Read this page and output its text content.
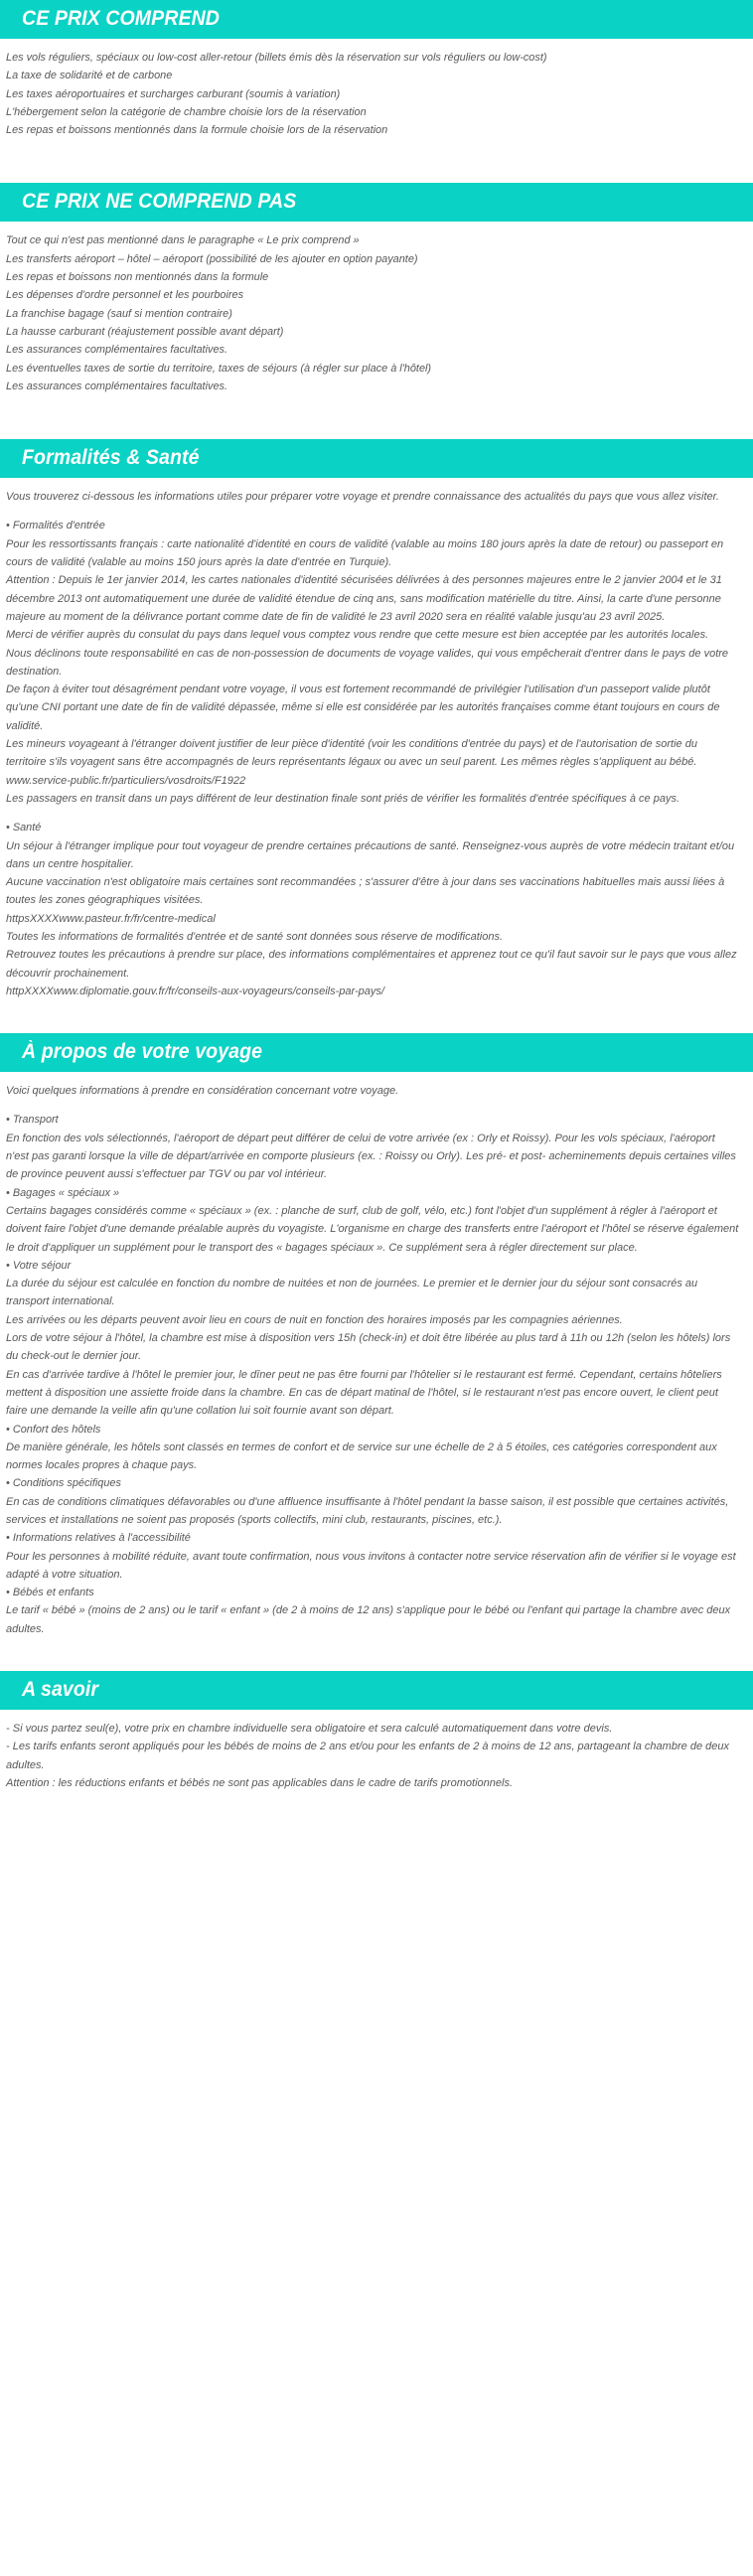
CE PRIX COMPREND
Les vols réguliers, spéciaux ou low-cost aller-retour (billets émis dès la réservation sur vols réguliers ou low-cost)
La taxe de solidarité et de carbone
Les taxes aéroportuaires et surcharges carburant (soumis à variation)
L'hébergement selon la catégorie de chambre choisie lors de la réservation
Les repas et boissons mentionnés dans la formule choisie lors de la réservation
CE PRIX NE COMPREND PAS
Tout ce qui n'est pas mentionné dans le paragraphe « Le prix comprend »
Les transferts aéroport – hôtel – aéroport (possibilité de les ajouter en option payante)
Les repas et boissons non mentionnés dans la formule
Les dépenses d'ordre personnel et les pourboires
La franchise bagage (sauf si mention contraire)
La hausse carburant (réajustement possible avant départ)
Les assurances complémentaires facultatives.
Les éventuelles taxes de sortie du territoire, taxes de séjours (à régler sur place à l'hôtel)
Les assurances complémentaires facultatives.
Formalités & Santé

Vous trouverez ci-dessous les informations utiles pour préparer votre voyage et prendre connaissance des actualités du pays que vous allez visiter.

• Formalités d'entrée

Pour les ressortissants français : carte nationalité d'identité en cours de validité (valable au moins 180 jours après la date de retour) ou passeport en cours de validité (valable au moins 150 jours après la date d'entrée en Turquie).

Attention : Depuis le 1er janvier 2014, les cartes nationales d'identité sécurisées délivrées à des personnes majeures entre le 2 janvier 2004 et le 31 décembre 2013 ont automatiquement une durée de validité étendue de cinq ans, sans modification matérielle du titre. Ainsi, la carte d'une personne majeure au moment de la délivrance portant comme date de fin de validité le 23 avril 2020 sera en réalité valable jusqu'au 23 avril 2025.

Merci de vérifier auprès du consulat du pays dans lequel vous comptez vous rendre que cette mesure est bien acceptée par les autorités locales.

Nous déclinons toute responsabilité en cas de non-possession de documents de voyage valides, qui vous empêcherait d'entrer dans le pays de votre destination.

De façon à éviter tout désagrément pendant votre voyage, il vous est fortement recommandé de privilégier l'utilisation d'un passeport valide plutôt qu'une CNI portant une date de fin de validité dépassée, même si elle est considérée par les autorités françaises comme étant toujours en cours de validité.

Les mineurs voyageant à l'étranger doivent justifier de leur pièce d'identité (voir les conditions d'entrée du pays) et de l'autorisation de sortie du territoire s'ils voyagent sans être accompagnés de leurs représentants légaux ou avec un seul parent. Les mêmes règles s'appliquent au bébé.

www.service-public.fr/particuliers/vosdroits/F1922

Les passagers en transit dans un pays différent de leur destination finale sont priés de vérifier les formalités d'entrée spécifiques à ce pays.

• Santé

Un séjour à l'étranger implique pour tout voyageur de prendre certaines précautions de santé. Renseignez-vous auprès de votre médecin traitant et/ou dans un centre hospitalier.

Aucune vaccination n'est obligatoire mais certaines sont recommandées ; s'assurer d'être à jour dans ses vaccinations habituelles mais aussi liées à toutes les zones géographiques visitées.

httpsXXXXwww.pasteur.fr/fr/centre-medical

Toutes les informations de formalités d'entrée et de santé sont données sous réserve de modifications.

Retrouvez toutes les précautions à prendre sur place, des informations complémentaires et apprenez tout ce qu'il faut savoir sur le pays que vous allez découvrir prochainement.

httpXXXXwww.diplomatie.gouv.fr/fr/conseils-aux-voyageurs/conseils-par-pays/

À propos de votre voyage

Voici quelques informations à prendre en considération concernant votre voyage.

• Transport

En fonction des vols sélectionnés, l'aéroport de départ peut différer de celui de votre arrivée (ex : Orly et Roissy). Pour les vols spéciaux, l'aéroport n'est pas garanti lorsque la ville de départ/arrivée en comporte plusieurs (ex. : Roissy ou Orly). Les pré- et post- acheminements depuis certaines villes de province peuvent aussi s'effectuer par TGV ou par vol intérieur.

• Bagages « spéciaux »

Certains bagages considérés comme « spéciaux » (ex. : planche de surf, club de golf, vélo, etc.) font l'objet d'un supplément à régler à l'aéroport et doivent faire l'objet d'une demande préalable auprès du voyagiste. L'organisme en charge des transferts entre l'aéroport et l'hôtel se réserve également le droit d'appliquer un supplément pour le transport des « bagages spéciaux ». Ce supplément sera à régler directement sur place.

• Votre séjour

La durée du séjour est calculée en fonction du nombre de nuitées et non de journées. Le premier et le dernier jour du séjour sont consacrés au transport international.

Les arrivées ou les départs peuvent avoir lieu en cours de nuit en fonction des horaires imposés par les compagnies aériennes.

Lors de votre séjour à l'hôtel, la chambre est mise à disposition vers 15h (check-in) et doit être libérée au plus tard à 11h ou 12h (selon les hôtels) lors du check-out le dernier jour.

En cas d'arrivée tardive à l'hôtel le premier jour, le dîner peut ne pas être fourni par l'hôtelier si le restaurant est fermé. Cependant, certains hôteliers mettent à disposition une assiette froide dans la chambre. En cas de départ matinal de l'hôtel, si le restaurant n'est pas encore ouvert, le client peut faire une demande la veille afin qu'une collation lui soit fournie avant son départ.

• Confort des hôtels

De manière générale, les hôtels sont classés en termes de confort et de service sur une échelle de 2 à 5 étoiles, ces catégories correspondent aux normes locales propres à chaque pays.

• Conditions spécifiques

En cas de conditions climatiques défavorables ou d'une affluence insuffisante à l'hôtel pendant la basse saison, il est possible que certaines activités, services et installations ne soient pas proposés (sports collectifs, mini club, restaurants, piscines, etc.).

• Informations relatives à l'accessibilité

Pour les personnes à mobilité réduite, avant toute confirmation, nous vous invitons à contacter notre service réservation afin de vérifier si le voyage est adapté à votre situation.

• Bébés et enfants

Le tarif « bébé » (moins de 2 ans) ou le tarif « enfant » (de 2 à moins de 12 ans) s'applique pour le bébé ou l'enfant qui partage la chambre avec deux adultes.

A savoir

- Si vous partez seul(e), votre prix en chambre individuelle sera obligatoire et sera calculé automatiquement dans votre devis.

- Les tarifs enfants seront appliqués pour les bébés de moins de 2 ans et/ou pour les enfants de 2 à moins de 12 ans, partageant la chambre de deux adultes.

Attention : les réductions enfants et bébés ne sont pas applicables dans le cadre de tarifs promotionnels.
